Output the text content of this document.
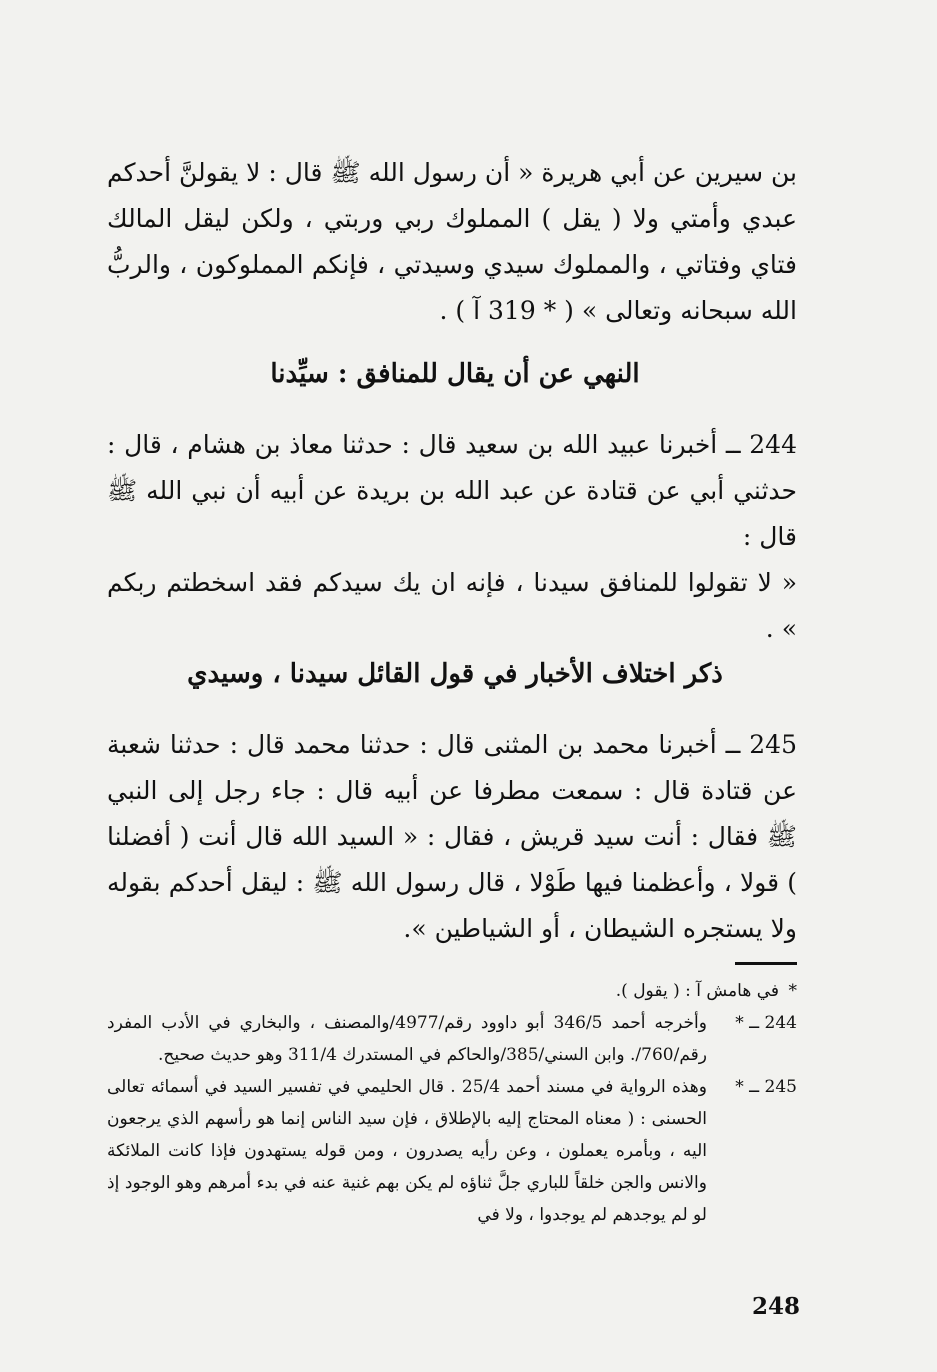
بن سيرين عن أبي هريرة « أن رسول الله ﷺ قال : لا يقولنَّ أحدكم عبدي وأمتي ولا ( يقل ) المملوك ربي وربتي ، ولكن ليقل المالك فتاي وفتاتي ، والمملوك سيدي وسيدتي ، فإنكم المملوكون ، والربُّ الله سبحانه وتعالى » ( * 319 آ ) .

النهي عن أن يقال للمنافق : سيِّدنا

244 ــ أخبرنا عبيد الله بن سعيد قال : حدثنا معاذ بن هشام ، قال : حدثني أبي عن قتادة عن عبد الله بن بريدة عن أبيه أن نبي الله ﷺ قال :

« لا تقولوا للمنافق سيدنا ، فإنه ان يك سيدكم فقد اسخطتم ربكم » .

ذكر اختلاف الأخبار في قول القائل سيدنا ، وسيدي

245 ــ أخبرنا محمد بن المثنى قال : حدثنا محمد قال : حدثنا شعبة عن قتادة قال : سمعت مطرفا عن أبيه قال : جاء رجل إلى النبي ﷺ فقال : أنت سيد قريش ، فقال : « السيد الله قال أنت ( أفضلنا ) قولا ، وأعظمنا فيها طَوْلا ، قال رسول الله ﷺ : ليقل أحدكم بقوله ولا يستجره الشيطان ، أو الشياطين ».

*
في هامش آ : ( يقول ).
244 ــ *
وأخرجه أحمد 346/5 أبو داوود رقم/4977/والمصنف ، والبخاري في الأدب المفرد رقم/760/. وابن السني/385/والحاكم في المستدرك 311/4 وهو حديث صحيح.
245 ــ *
وهذه الرواية في مسند أحمد 25/4 . قال الحليمي في تفسير السيد في أسمائه تعالى الحسنى : ( معناه المحتاج إليه بالإطلاق ، فإن سيد الناس إنما هو رأسهم الذي يرجعون اليه ، وبأمره يعملون ، وعن رأيه يصدرون ، ومن قوله يستهدون فإذا كانت الملائكة والانس والجن خلقاً للباري جلَّ ثناؤه لم يكن بهم غنية عنه في بدء أمرهم وهو الوجود إذ لو لم يوجدهم لم يوجدوا ، ولا في
248
